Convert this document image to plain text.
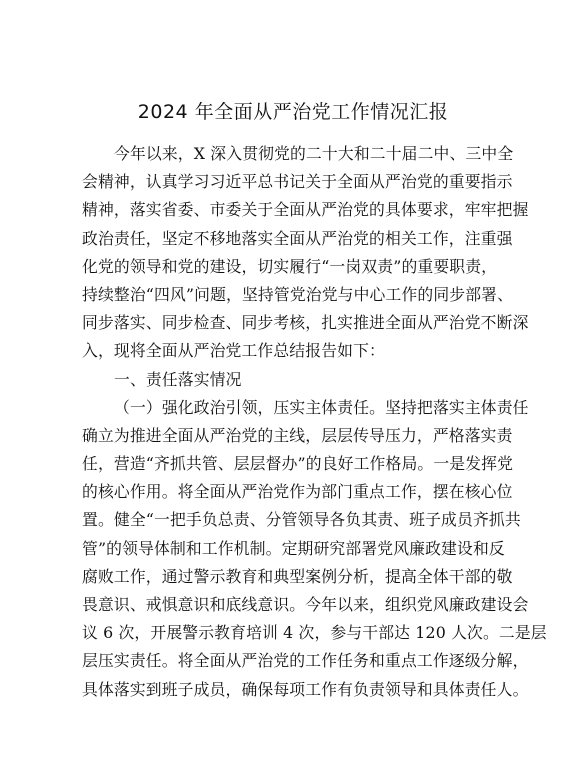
2024 年全面从严治党工作情况汇报
今年以来，X 深入贯彻党的二十大和二十届二中、三中全
会精神，认真学习习近平总书记关于全面从严治党的重要指示
精神，落实省委、市委关于全面从严治党的具体要求，牢牢把握
政治责任，坚定不移地落实全面从严治党的相关工作，注重强
化党的领导和党的建设，切实履行“一岗双责”的重要职责，
持续整治“四风”问题，坚持管党治党与中心工作的同步部署、
同步落实、同步检查、同步考核，扎实推进全面从严治党不断深
入，现将全面从严治党工作总结报告如下：
一、责任落实情况
（一）强化政治引领，压实主体责任。坚持把落实主体责任
确立为推进全面从严治党的主线，层层传导压力，严格落实责
任，营造“齐抓共管、层层督办”的良好工作格局。一是发挥党
的核心作用。将全面从严治党作为部门重点工作，摆在核心位
置。健全“一把手负总责、分管领导各负其责、班子成员齐抓共
管”的领导体制和工作机制。定期研究部署党风廉政建设和反
腐败工作，通过警示教育和典型案例分析，提高全体干部的敬
畏意识、戒惧意识和底线意识。今年以来，组织党风廉政建设会
议 6 次，开展警示教育培训 4 次，参与干部达 120 人次。二是层
层压实责任。将全面从严治党的工作任务和重点工作逐级分解，
具体落实到班子成员，确保每项工作有负责领导和具体责任人。
